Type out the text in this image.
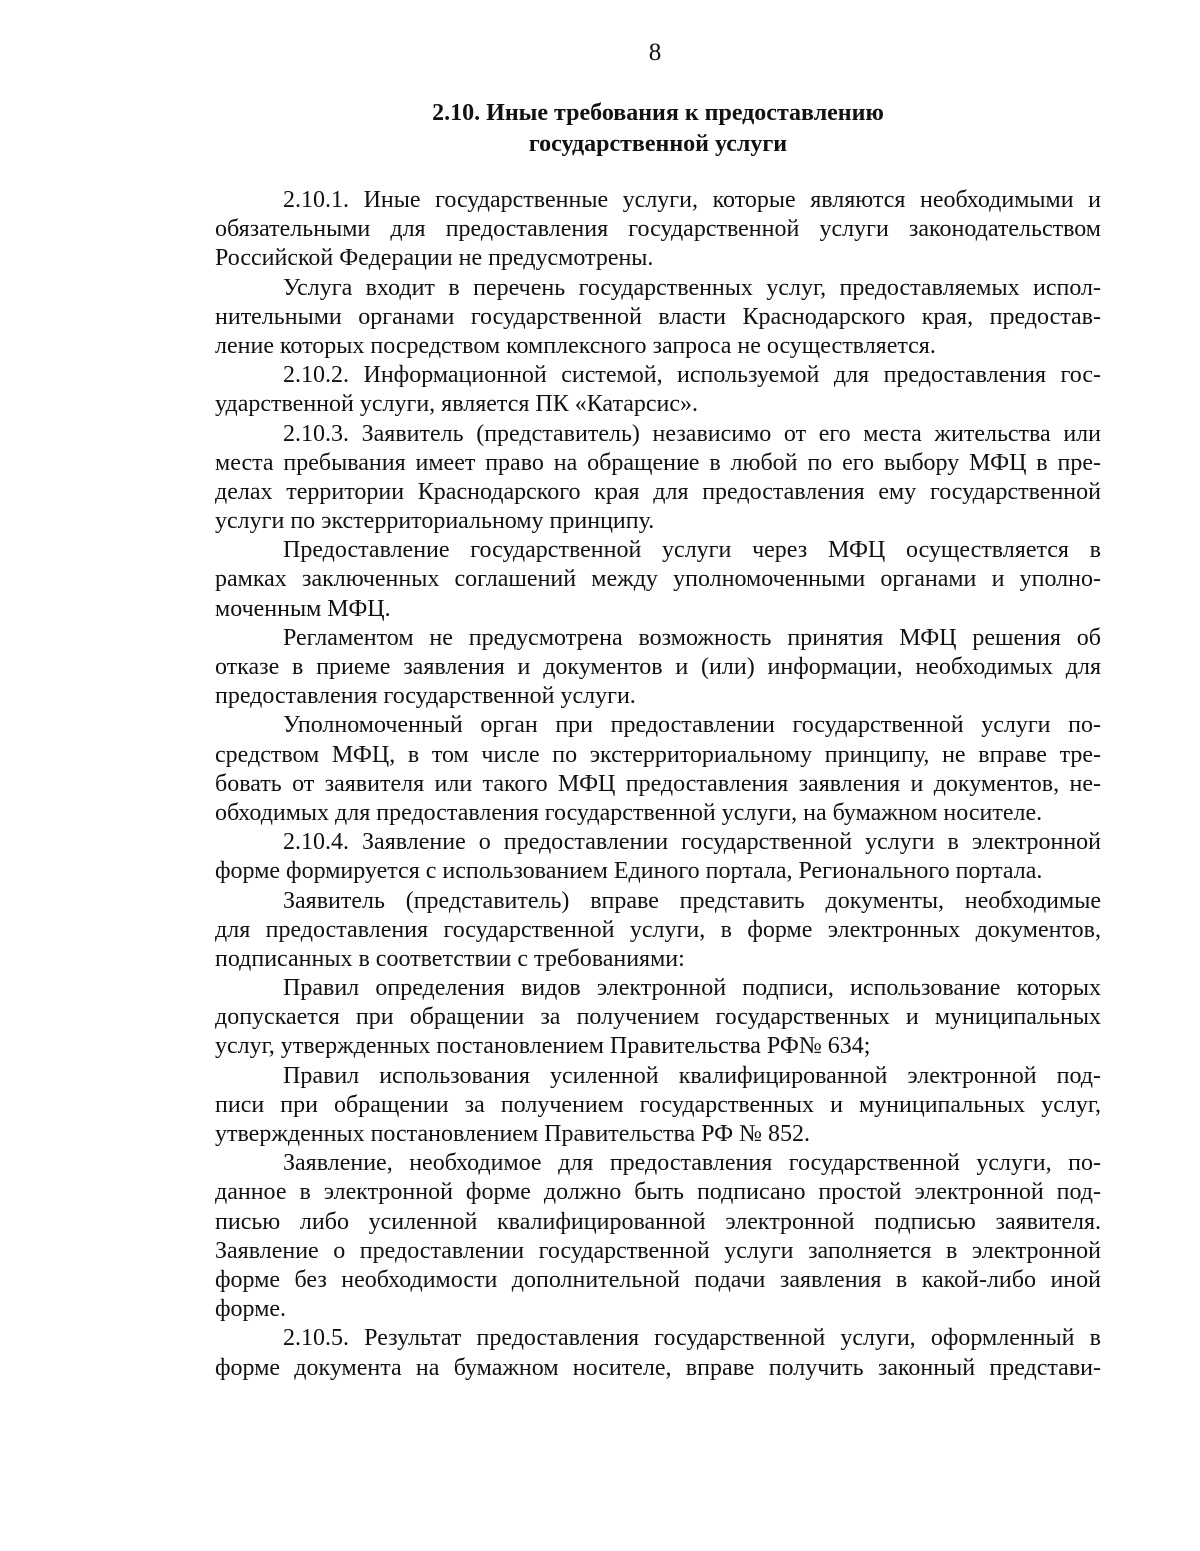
8
2.10. Иные требования к предоставлению
государственной услуги
2.10.1. Иные государственные услуги, которые являются необходимыми и
обязательными для предоставления государственной услуги законодательством
Российской Федерации не предусмотрены.
Услуга входит в перечень государственных услуг, предоставляемых испол-
нительными органами государственной власти Краснодарского края, предостав-
ление которых посредством комплексного запроса не осуществляется.
2.10.2. Информационной системой, используемой для предоставления гос-
ударственной услуги, является ПК «Катарсис».
2.10.3. Заявитель (представитель) независимо от его места жительства или
места пребывания имеет право на обращение в любой по его выбору МФЦ в пре-
делах территории Краснодарского края для предоставления ему государственной
услуги по экстерриториальному принципу.
Предоставление государственной услуги через МФЦ осуществляется в
рамках заключенных соглашений между уполномоченными органами и уполно-
моченным МФЦ.
Регламентом не предусмотрена возможность принятия МФЦ решения об
отказе в приеме заявления и документов и (или) информации, необходимых для
предоставления государственной услуги.
Уполномоченный орган при предоставлении государственной услуги по-
средством МФЦ, в том числе по экстерриториальному принципу, не вправе тре-
бовать от заявителя или такого МФЦ предоставления заявления и документов, не-
обходимых для предоставления государственной услуги, на бумажном носителе.
2.10.4. Заявление о предоставлении государственной услуги в электронной
форме формируется с использованием Единого портала, Регионального портала.
Заявитель (представитель) вправе представить документы, необходимые
для предоставления государственной услуги, в форме электронных документов,
подписанных в соответствии с требованиями:
Правил определения видов электронной подписи, использование которых
допускается при обращении за получением государственных и муниципальных
услуг, утвержденных постановлением Правительства РФ№ 634;
Правил использования усиленной квалифицированной электронной под-
писи при обращении за получением государственных и муниципальных услуг,
утвержденных постановлением Правительства РФ № 852.
Заявление, необходимое для предоставления государственной услуги, по-
данное в электронной форме должно быть подписано простой электронной под-
писью либо усиленной квалифицированной электронной подписью заявителя.
Заявление о предоставлении государственной услуги заполняется в электронной
форме без необходимости дополнительной подачи заявления в какой-либо иной
форме.
2.10.5. Результат предоставления государственной услуги, оформленный в
форме документа на бумажном носителе, вправе получить законный представи-
